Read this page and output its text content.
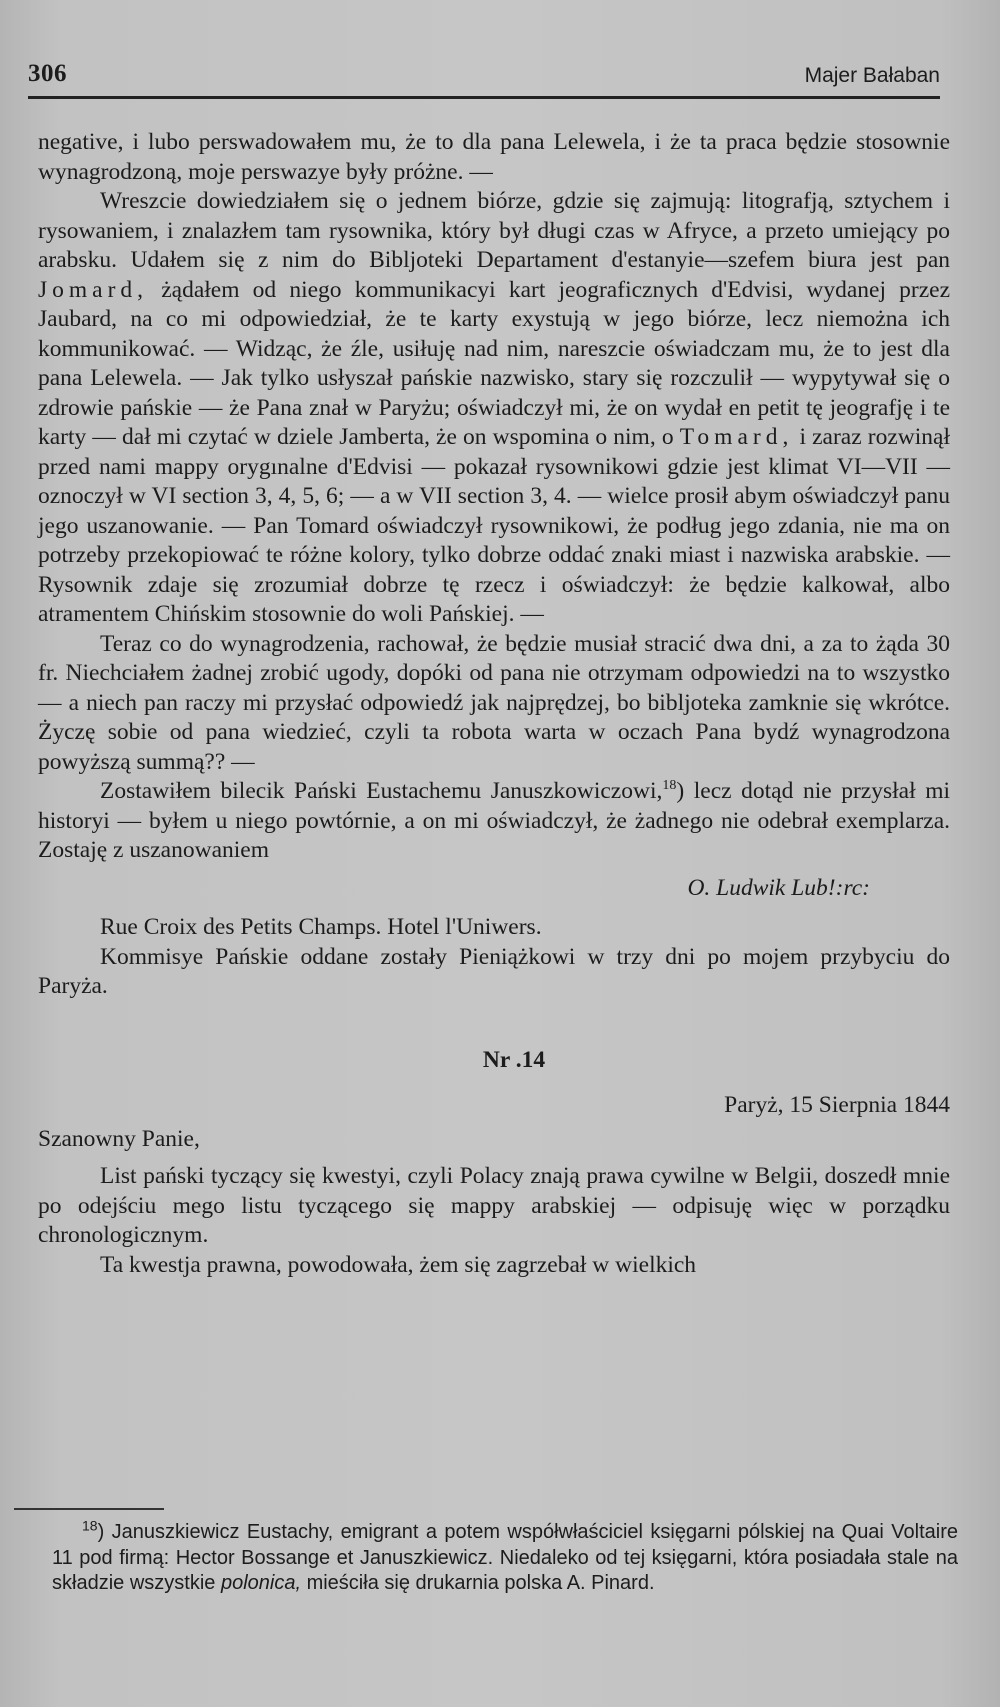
306	Majer Bałaban

negative, i lubo perswadowałem mu, że to dla pana Lelewela, i że ta praca będzie stosownie wynagrodzoną, moje perswazye były próżne. —

Wreszcie dowiedziałem się o jednem biórze, gdzie się zajmują: litografją, sztychem i rysowaniem, i znalazłem tam rysownika, który był długi czas w Afryce, a przeto umiejący po arabsku. Udałem się z nim do Bibljoteki Departament d'estanyie—szefem biura jest pan Jomard, żądałem od niego kommunikacyi kart jeograficznych d'Edvisi, wydanej przez Jaubard, na co mi odpowiedział, że te karty exystują w jego biórze, lecz niemożna ich kommunikować. — Widząc, że źle, usiłuję nad nim, nareszcie oświadczam mu, że to jest dla pana Lelewela. — Jak tylko usłyszał pańskie nazwisko, stary się rozczulił — wypytywał się o zdrowie pańskie — że Pana znał w Paryżu; oświadczył mi, że on wydał en petit tę jeografję i te karty — dał mi czytać w dziele Jamberta, że on wspomina o nim, o Tomard, i zaraz rozwinął przed nami mappy orygınalne d'Edvisi — pokazał rysownikowi gdzie jest klimat VI—VII — oznoczył w VI section 3, 4, 5, 6; — a w VII section 3, 4. — wielce prosił abym oświadczył panu jego uszanowanie. — Pan Tomard oświadczył rysownikowi, że podług jego zdania, nie ma on potrzeby przekopiować te różne kolory, tylko dobrze oddać znaki miast i nazwiska arabskie. — Rysownik zdaje się zrozumiał dobrze tę rzecz i oświadczył: że będzie kalkował, albo atramentem Chińskim stosownie do woli Pańskiej. —

Teraz co do wynagrodzenia, rachował, że będzie musiał stracić dwa dni, a za to żąda 30 fr. Niechciałem żadnej zrobić ugody, dopóki od pana nie otrzymam odpowiedzi na to wszystko — a niech pan raczy mi przysłać odpowiedź jak najprędzej, bo bibljoteka zamknie się wkrótce. Życzę sobie od pana wiedzieć, czyli ta robota warta w oczach Pana bydź wynagrodzona powyższą summą?? —

Zostawiłem bilecik Pański Eustachemu Januszkowiczowi,$^{18}$) lecz dotąd nie przysłał mi historyi — byłem u niego powtórnie, a on mi oświadczył, że żadnego nie odebrał exemplarza. Zostaję z uszanowaniem

O. Ludwik Lub!:rc:

Rue Croix des Petits Champs. Hotel l'Uniwers.

Kommisye Pańskie oddane zostały Pieniążkowi w trzy dni po mojem przybyciu do Paryża.

Nr .14

Paryż, 15 Sierpnia 1844

Szanowny Panie,

List pański tyczący się kwestyi, czyli Polacy znają prawa cywilne w Belgii, doszedł mnie po odejściu mego listu tyczącego się mappy arabskiej — odpisuję więc w porządku chronologicznym.

Ta kwestja prawna, powodowała, żem się zagrzebał w wielkich

$^{18}$) Januszkiewicz Eustachy, emigrant a potem współwłaściciel księgarni pólskiej na Quai Voltaire 11 pod firmą: Hector Bossange et Januszkiewicz. Niedaleko od tej księgarni, która posiadała stale na składzie wszystkie polonica, mieściła się drukarnia polska A. Pinard.
